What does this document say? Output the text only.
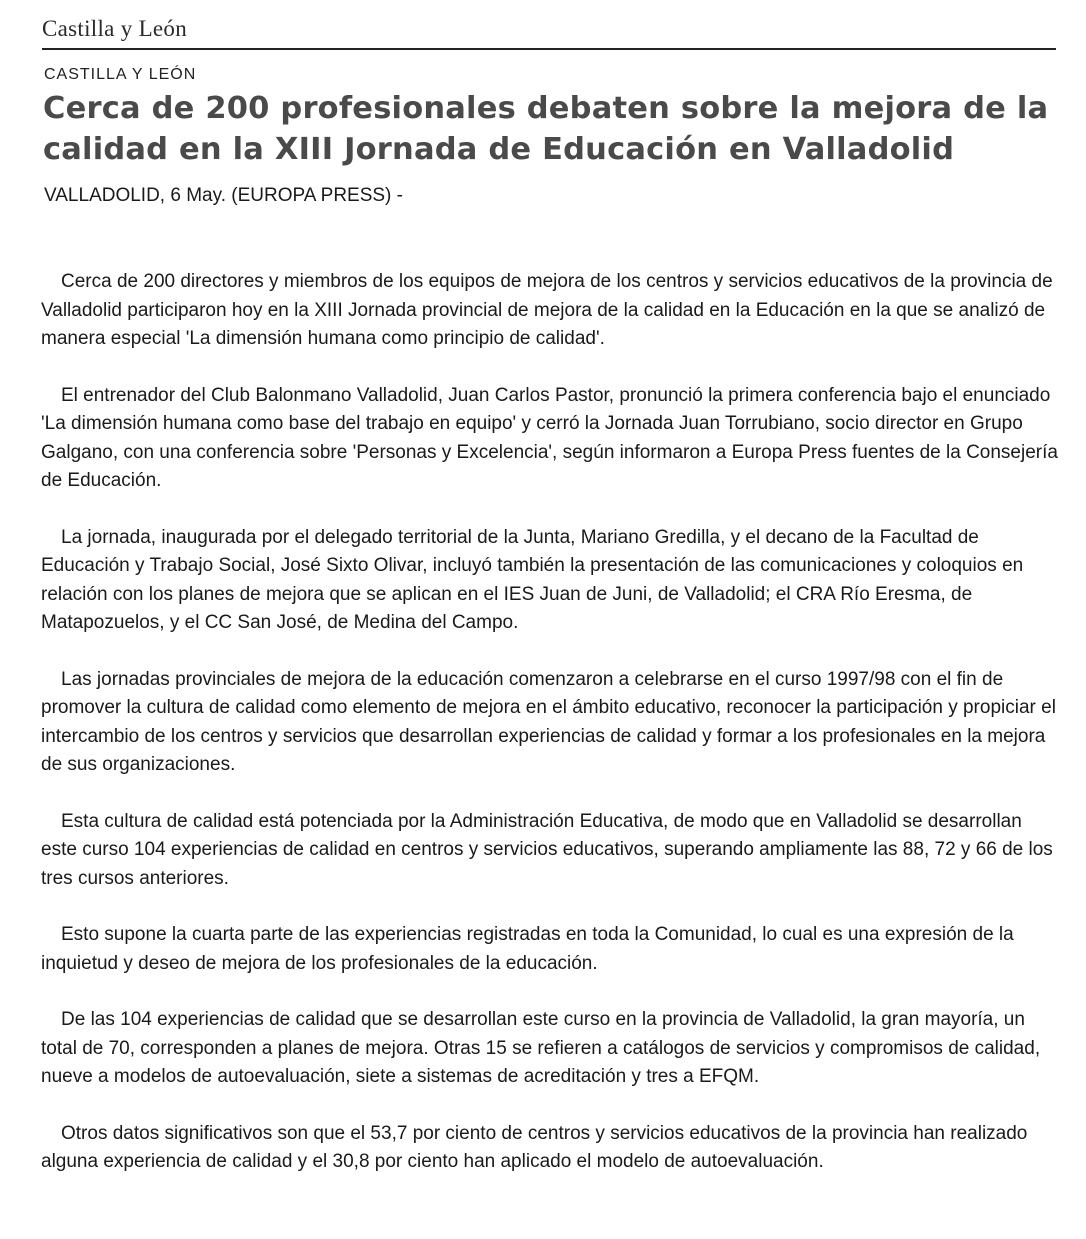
Castilla y León
CASTILLA Y LEÓN
Cerca de 200 profesionales debaten sobre la mejora de la calidad en la XIII Jornada de Educación en Valladolid
VALLADOLID, 6 May. (EUROPA PRESS) -

Cerca de 200 directores y miembros de los equipos de mejora de los centros y servicios educativos de la provincia de Valladolid participaron hoy en la XIII Jornada provincial de mejora de la calidad en la Educación en la que se analizó de manera especial 'La dimensión humana como principio de calidad'.

El entrenador del Club Balonmano Valladolid, Juan Carlos Pastor, pronunció la primera conferencia bajo el enunciado 'La dimensión humana como base del trabajo en equipo' y cerró la Jornada Juan Torrubiano, socio director en Grupo Galgano, con una conferencia sobre 'Personas y Excelencia', según informaron a Europa Press fuentes de la Consejería de Educación.

La jornada, inaugurada por el delegado territorial de la Junta, Mariano Gredilla, y el decano de la Facultad de Educación y Trabajo Social, José Sixto Olivar, incluyó también la presentación de las comunicaciones y coloquios en relación con los planes de mejora que se aplican en el IES Juan de Juni, de Valladolid; el CRA Río Eresma, de Matapozuelos, y el CC San José, de Medina del Campo.

Las jornadas provinciales de mejora de la educación comenzaron a celebrarse en el curso 1997/98 con el fin de promover la cultura de calidad como elemento de mejora en el ámbito educativo, reconocer la participación y propiciar el intercambio de los centros y servicios que desarrollan experiencias de calidad y formar a los profesionales en la mejora de sus organizaciones.

Esta cultura de calidad está potenciada por la Administración Educativa, de modo que en Valladolid se desarrollan este curso 104 experiencias de calidad en centros y servicios educativos, superando ampliamente las 88, 72 y 66 de los tres cursos anteriores.

Esto supone la cuarta parte de las experiencias registradas en toda la Comunidad, lo cual es una expresión de la inquietud y deseo de mejora de los profesionales de la educación.

De las 104 experiencias de calidad que se desarrollan este curso en la provincia de Valladolid, la gran mayoría, un total de 70, corresponden a planes de mejora. Otras 15 se refieren a catálogos de servicios y compromisos de calidad, nueve a modelos de autoevaluación, siete a sistemas de acreditación y tres a EFQM.

Otros datos significativos son que el 53,7 por ciento de centros y servicios educativos de la provincia han realizado alguna experiencia de calidad y el 30,8 por ciento han aplicado el modelo de autoevaluación.
